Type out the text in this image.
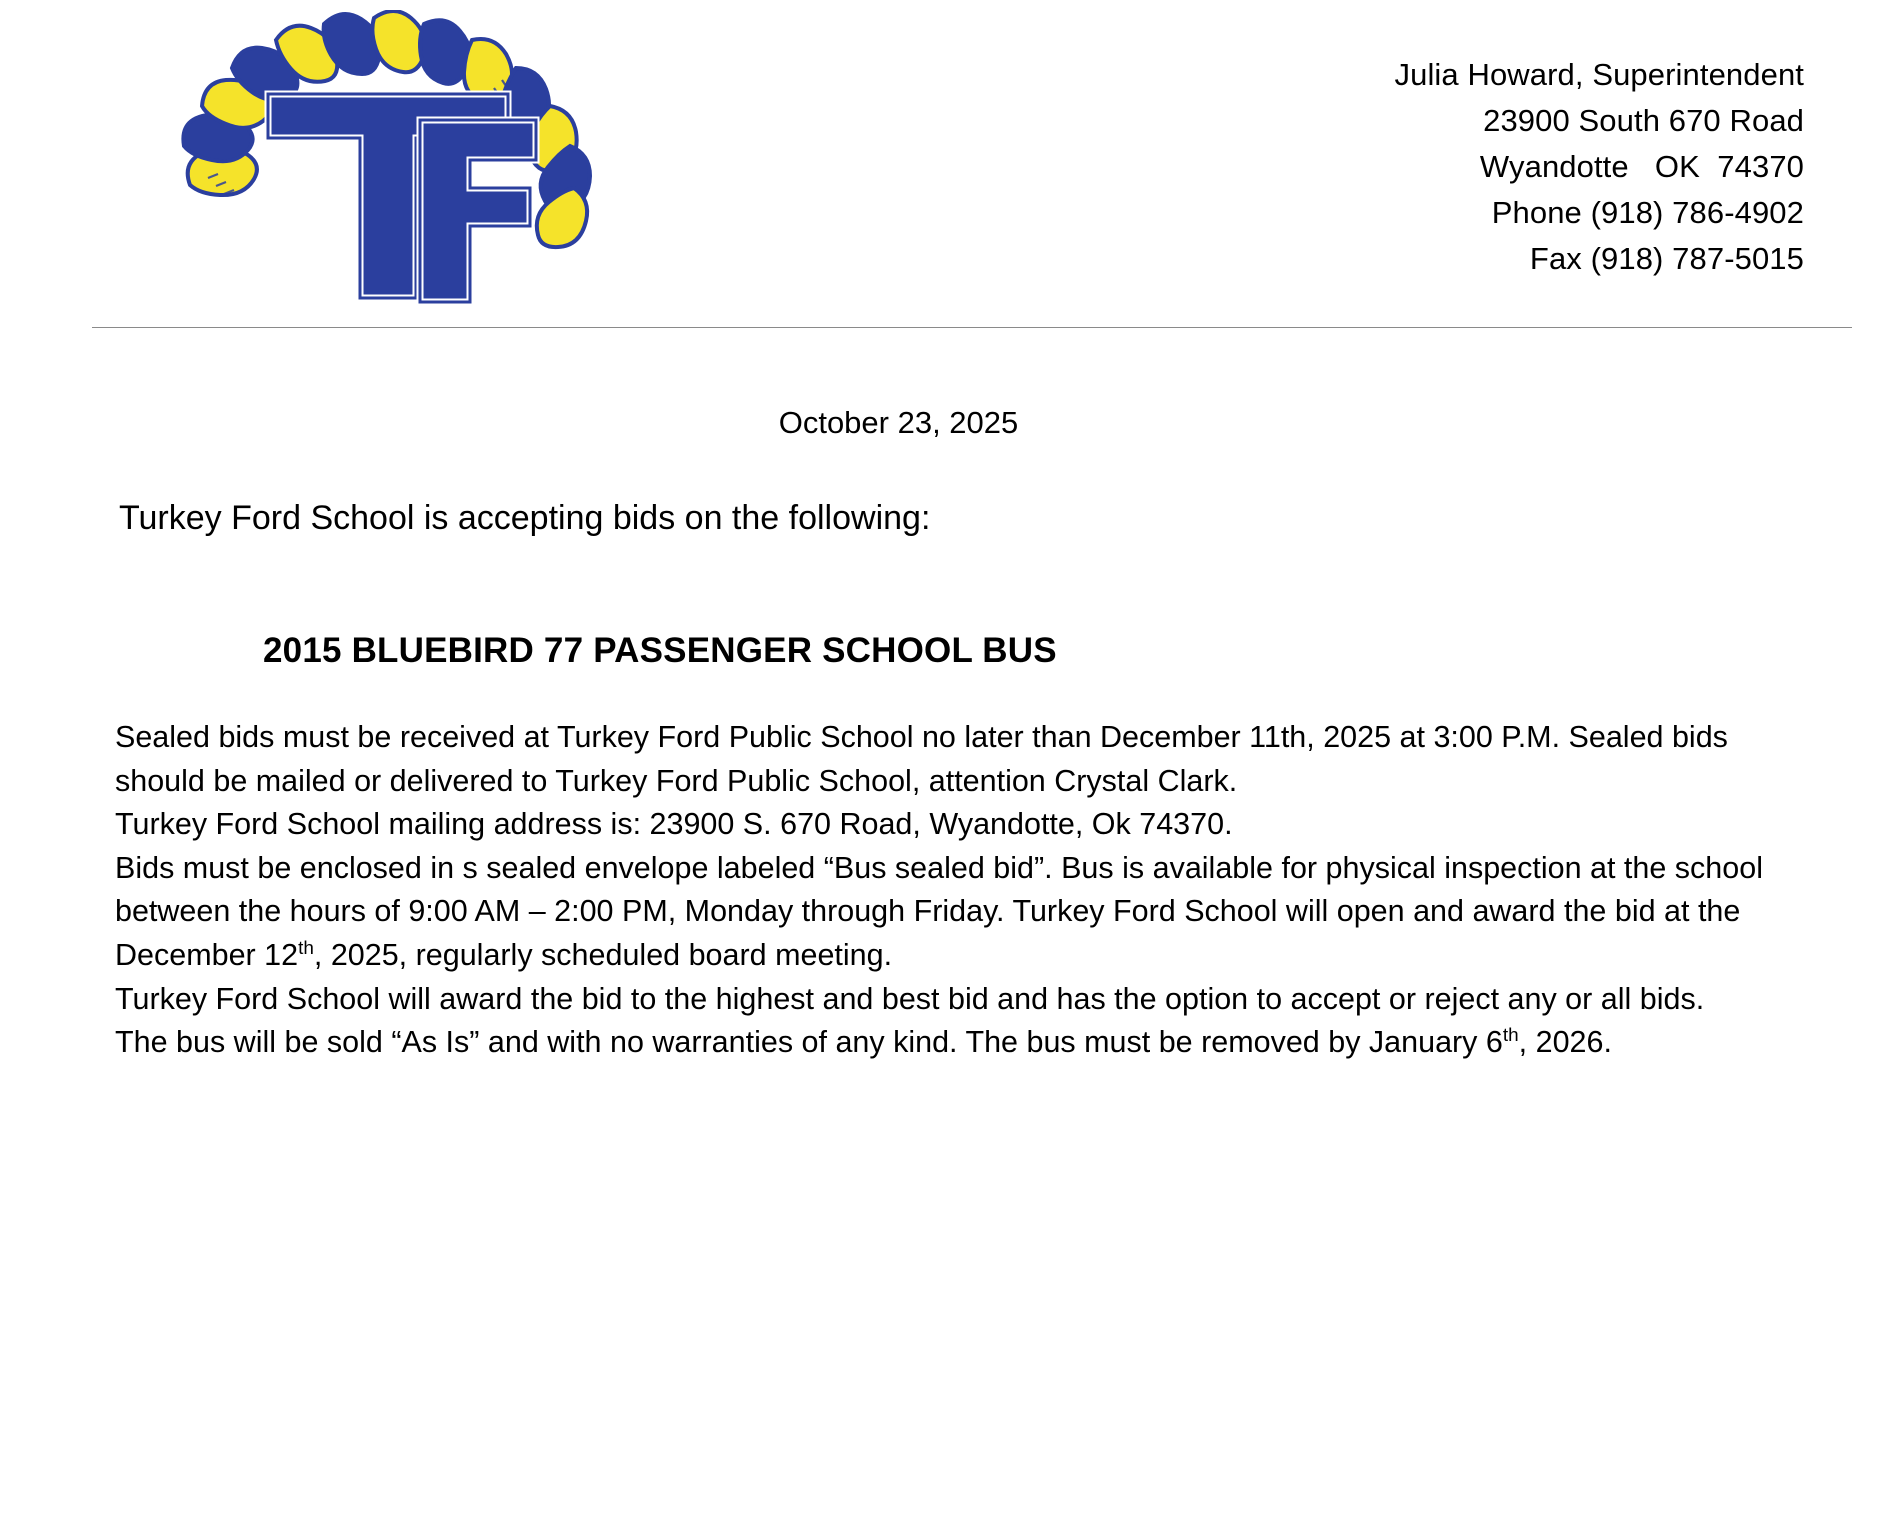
Julia Howard, Superintendent
23900 South 670 Road
Wyandotte   OK  74370
Phone (918) 786-4902
Fax (918) 787-5015
October 23, 2025
Turkey Ford School is accepting bids on the following:
2015 BLUEBIRD 77 PASSENGER SCHOOL BUS

Sealed bids must be received at Turkey Ford Public School no later than December 11th, 2025 at 3:00 P.M. Sealed bids should be mailed or delivered to Turkey Ford Public School, attention Crystal Clark.

Turkey Ford School mailing address is: 23900 S. 670 Road, Wyandotte, Ok 74370.

Bids must be enclosed in s sealed envelope labeled “Bus sealed bid”. Bus is available for physical inspection at the school between the hours of 9:00 AM – 2:00 PM, Monday through Friday. Turkey Ford School will open and award the bid at the December 12th, 2025, regularly scheduled board meeting.

Turkey Ford School will award the bid to the highest and best bid and has the option to accept or reject any or all bids.

The bus will be sold “As Is” and with no warranties of any kind. The bus must be removed by January 6th, 2026.
